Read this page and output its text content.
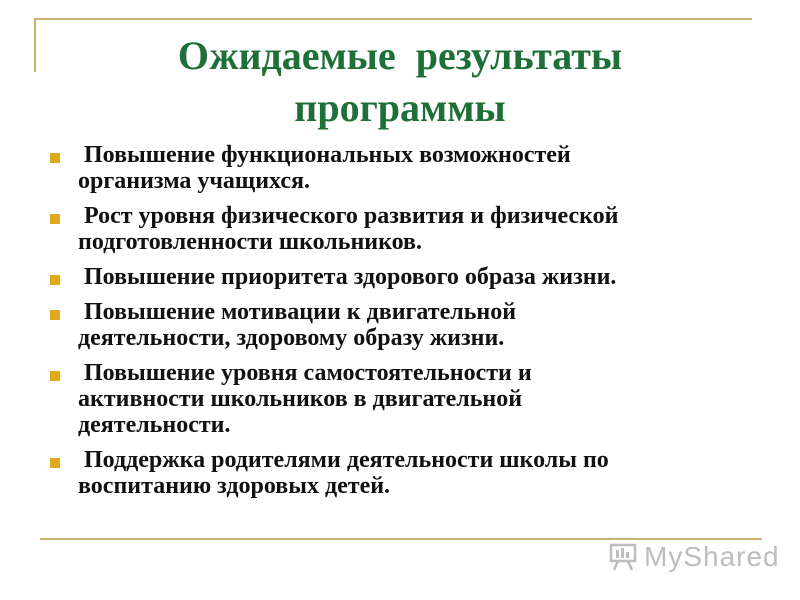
Ожидаемые  результаты
программы
Повышение функциональных возможностей
организма учащихся.
Рост уровня физического развития и физической
подготовленности школьников.
Повышение приоритета здорового образа жизни.
Повышение мотивации к двигательной
деятельности, здоровому образу жизни.
Повышение уровня самостоятельности и
активности школьников в двигательной
деятельности.
Поддержка родителями деятельности школы по
воспитанию здоровых детей.
MyShared
